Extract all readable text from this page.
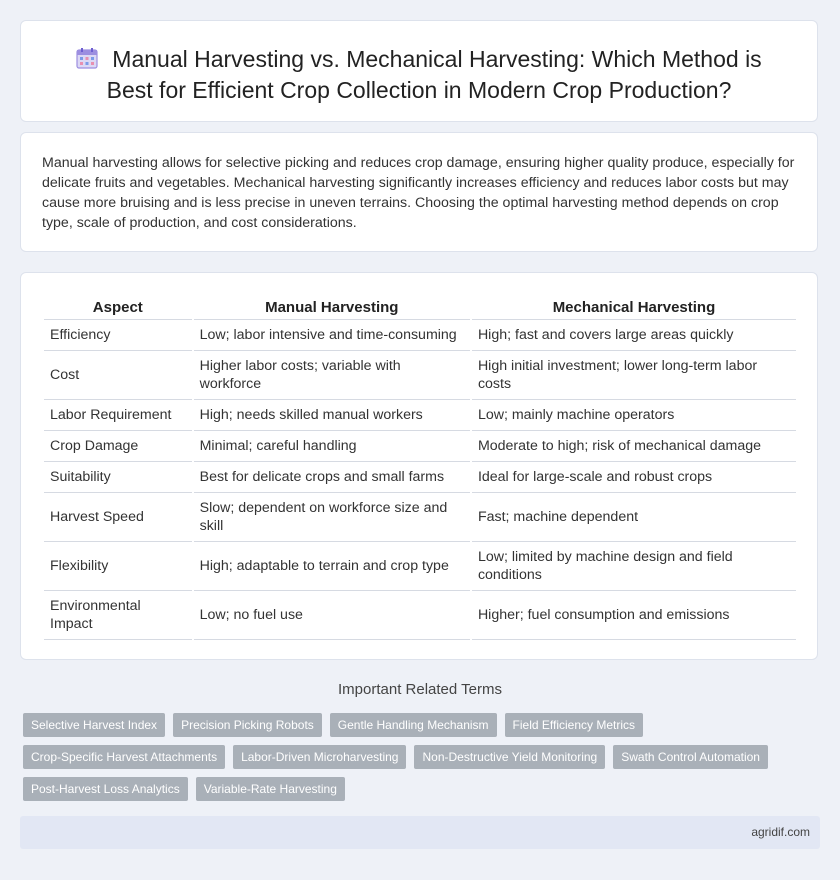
Manual Harvesting vs. Mechanical Harvesting: Which Method is Best for Efficient Crop Collection in Modern Crop Production?

Manual harvesting allows for selective picking and reduces crop damage, ensuring higher quality produce, especially for delicate fruits and vegetables. Mechanical harvesting significantly increases efficiency and reduces labor costs but may cause more bruising and is less precise in uneven terrains. Choosing the optimal harvesting method depends on crop type, scale of production, and cost considerations.

Aspect	Manual Harvesting	Mechanical Harvesting
Efficiency	Low; labor intensive and time-consuming	High; fast and covers large areas quickly
Cost	Higher labor costs; variable with workforce	High initial investment; lower long-term labor costs
Labor Requirement	High; needs skilled manual workers	Low; mainly machine operators
Crop Damage	Minimal; careful handling	Moderate to high; risk of mechanical damage
Suitability	Best for delicate crops and small farms	Ideal for large-scale and robust crops
Harvest Speed	Slow; dependent on workforce size and skill	Fast; machine dependent
Flexibility	High; adaptable to terrain and crop type	Low; limited by machine design and field conditions
Environmental Impact	Low; no fuel use	Higher; fuel consumption and emissions
Important Related Terms
Selective Harvest Index	Precision Picking Robots	Gentle Handling Mechanism	Field Efficiency Metrics
Crop-Specific Harvest Attachments	Labor-Driven Microharvesting	Non-Destructive Yield Monitoring	Swath Control Automation
Post-Harvest Loss Analytics	Variable-Rate Harvesting
agridif.com
